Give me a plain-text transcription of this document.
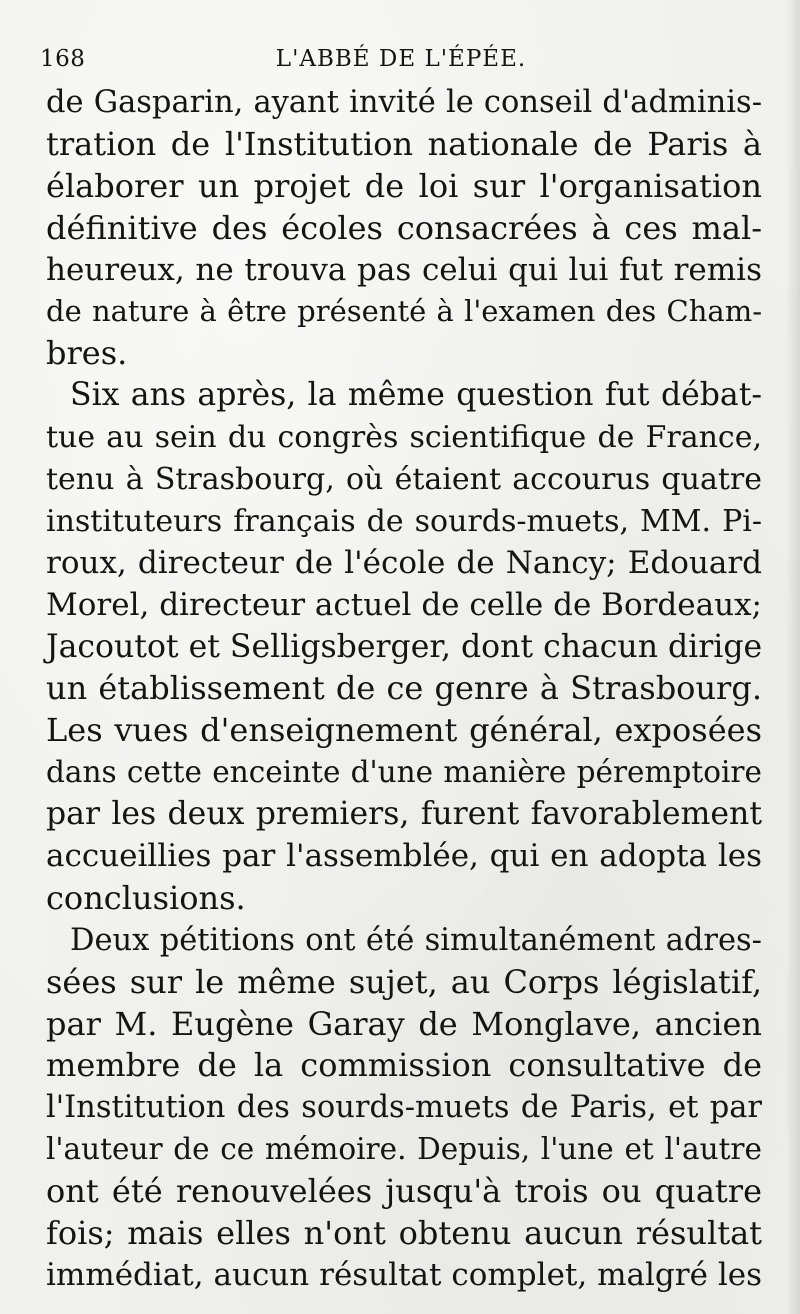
168	L'ABBÉ DE L'ÉPÉE.
de Gasparin, ayant invité le conseil d'adminis-
tration de l'Institution nationale de Paris à
élaborer un projet de loi sur l'organisation
définitive des écoles consacrées à ces mal-
heureux, ne trouva pas celui qui lui fut remis
de nature à être présenté à l'examen des Cham-
bres.
Six ans après, la même question fut débat-
tue au sein du congrès scientifique de France,
tenu à Strasbourg, où étaient accourus quatre
instituteurs français de sourds-muets, MM. Pi-
roux, directeur de l'école de Nancy; Edouard
Morel, directeur actuel de celle de Bordeaux;
Jacoutot et Selligsberger, dont chacun dirige
un établissement de ce genre à Strasbourg.
Les vues d'enseignement général, exposées
dans cette enceinte d'une manière péremptoire
par les deux premiers, furent favorablement
accueillies par l'assemblée, qui en adopta les
conclusions.
Deux pétitions ont été simultanément adres-
sées sur le même sujet, au Corps législatif,
par M. Eugène Garay de Monglave, ancien
membre de la commission consultative de
l'Institution des sourds-muets de Paris, et par
l'auteur de ce mémoire. Depuis, l'une et l'autre
ont été renouvelées jusqu'à trois ou quatre
fois; mais elles n'ont obtenu aucun résultat
immédiat, aucun résultat complet, malgré les
